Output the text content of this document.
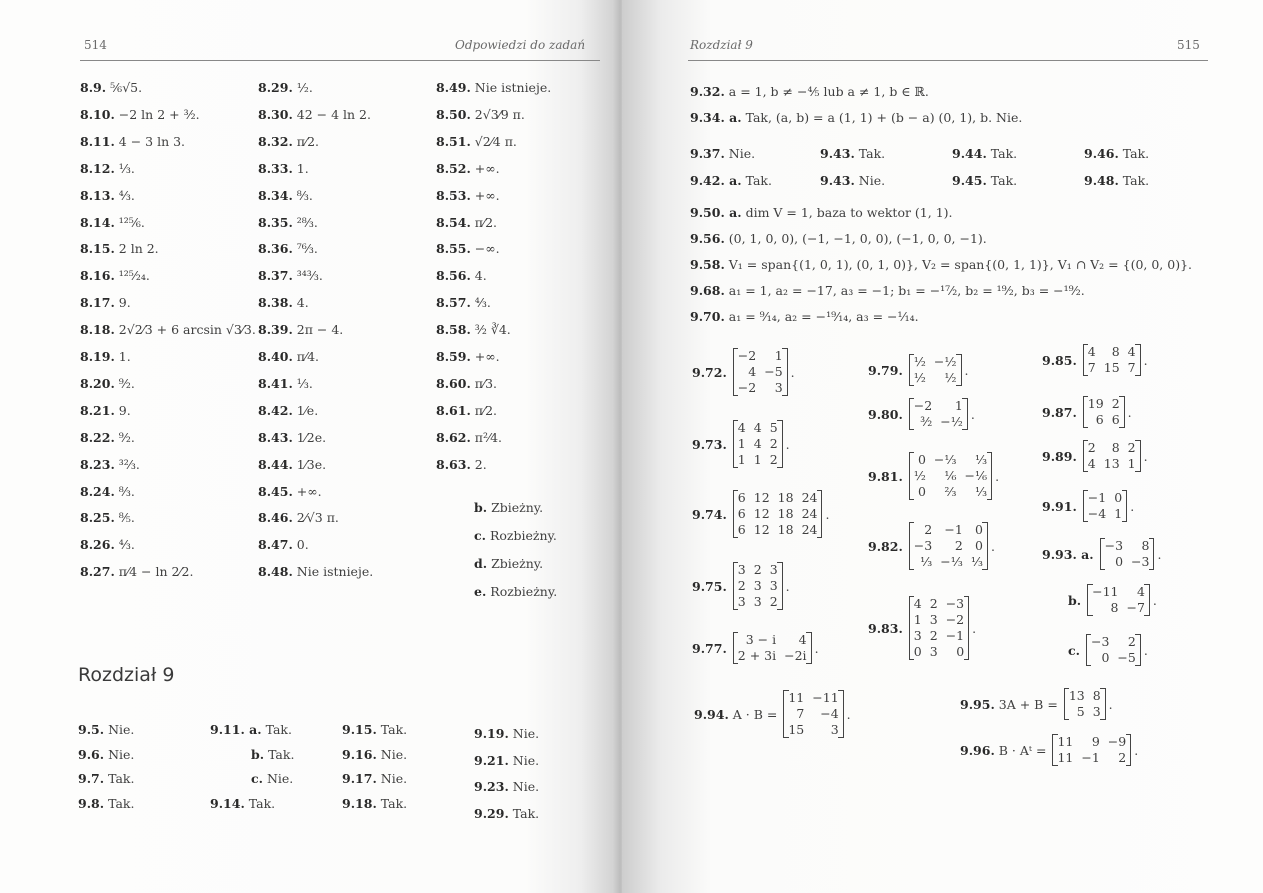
514	Odpowiedzi do zadań
8.9. ⁵⁄₆√5.
8.10. −2 ln 2 + ³⁄₂.
8.11. 4 − 3 ln 3.
8.12. ¹⁄₃.
8.13. ⁴⁄₃.
8.14. ¹²⁵⁄₆.
8.15. 2 ln 2.
8.16. ¹²⁵⁄₂₄.
8.17. 9.
8.18. 2√2⁄3 + 6 arcsin √3⁄3.
8.19. 1.
8.20. ⁹⁄₂.
8.21. 9.
8.22. ⁹⁄₂.
8.23. ³²⁄₃.
8.24. ⁸⁄₃.
8.25. ⁸⁄₅.
8.26. ⁴⁄₃.
8.27. π⁄4 − ln 2⁄2.
8.29. ½.
8.30. 42 − 4 ln 2.
8.32. π⁄2.
8.33. 1.
8.34. ⁸⁄₃.
8.35. ²⁸⁄₃.
8.36. ⁷⁶⁄₃.
8.37. ³⁴³⁄₃.
8.38. 4.
8.39. 2π − 4.
8.40. π⁄4.
8.41. ¹⁄₃.
8.42. 1⁄e.
8.43. 1⁄2e.
8.44. 1⁄3e.
8.45. +∞.
8.46. 2⁄√3 π.
8.47. 0.
8.48. Nie istnieje.
8.49. Nie istnieje.
8.50. 2√3⁄9 π.
8.51. √2⁄4 π.
8.52. +∞.
8.53. +∞.
8.54. π⁄2.
8.55. −∞.
8.56. 4.
8.57. ⁴⁄₃.
8.58. ³⁄₂ ∛4.
8.59. +∞.
8.60. π⁄3.
8.61. π⁄2.
8.62. π²⁄4.
8.63. 2.
b. Zbieżny.
c. Rozbieżny.
d. Zbieżny.
e. Rozbieżny.
Rozdział 9
9.5. Nie.
9.6. Nie.
9.7. Tak.
9.8. Tak.
9.11. a. Tak.
b. Tak.
c. Nie.
9.14. Tak.
9.15. Tak.
9.16. Nie.
9.17. Nie.
9.18. Tak.
9.19. Nie.
9.21. Nie.
9.23. Nie.
9.29. Tak.
Rozdział 9	515
9.32. a = 1, b ≠ −⁴⁄₅ lub a ≠ 1, b ∈ ℝ.
9.34. a. Tak, (a, b) = a (1, 1) + (b − a) (0, 1), b. Nie.
9.37. Nie.	9.43. Tak.	9.44. Tak.	9.46. Tak.
9.42. a. Tak.	9.43. Nie.	9.45. Tak.	9.48. Tak.
9.50. a. dim V = 1, baza to wektor (1, 1).
9.56. (0, 1, 0, 0), (−1, −1, 0, 0), (−1, 0, 0, −1).
9.58. V₁ = span{(1, 0, 1), (0, 1, 0)}, V₂ = span{(0, 1, 1)}, V₁ ∩ V₂ = {(0, 0, 0)}.
9.68. a₁ = 1, a₂ = −17, a₃ = −1; b₁ = −¹⁷⁄₂, b₂ = ¹⁹⁄₂, b₃ = −¹⁹⁄₂.
9.70. a₁ = ⁹⁄₁₄, a₂ = −¹⁹⁄₁₄, a₃ = −¹⁄₁₄.
9.72.
−2	1
4	−5
−2	3

.
9.73.
4	4	5
1	4	2
1	1	2

.
9.74.
6	12	18	24
6	12	18	24
6	12	18	24

.
9.75.
3	2	3
2	3	3
3	3	2

.
9.77.
3 − i	4
2 + 3i	−2i .
9.79.
½	−½
½	½ .
9.80.
−2	1
³⁄₂	−½ .
9.81.
0	−⅓	⅓
½	⅙	−⅙
0	⅔	⅓

.
9.82.
2	−1	0
−3	2	0
⅓	−⅓	⅓

.
9.83.
4	2	−3
1	3	−2
3	2	−1
0	3	0

.
9.85.
4	8	4
7	15	7 .
9.87.
19	2
6	6 .
9.89.
2	8	2
4	13	1 .
9.91.
−1	0
−4	1 .
9.93. a.
−3	8
0	−3 .
b.
−11	4
8	−7 .
c.
−3	2
0	−5 .
9.94. A · B =
11	−11
7	−4
15	3

.
9.95. 3A + B =
13	8
5	3 .
9.96. B · Aᵗ =
11	9	−9
11	−1	2 .
